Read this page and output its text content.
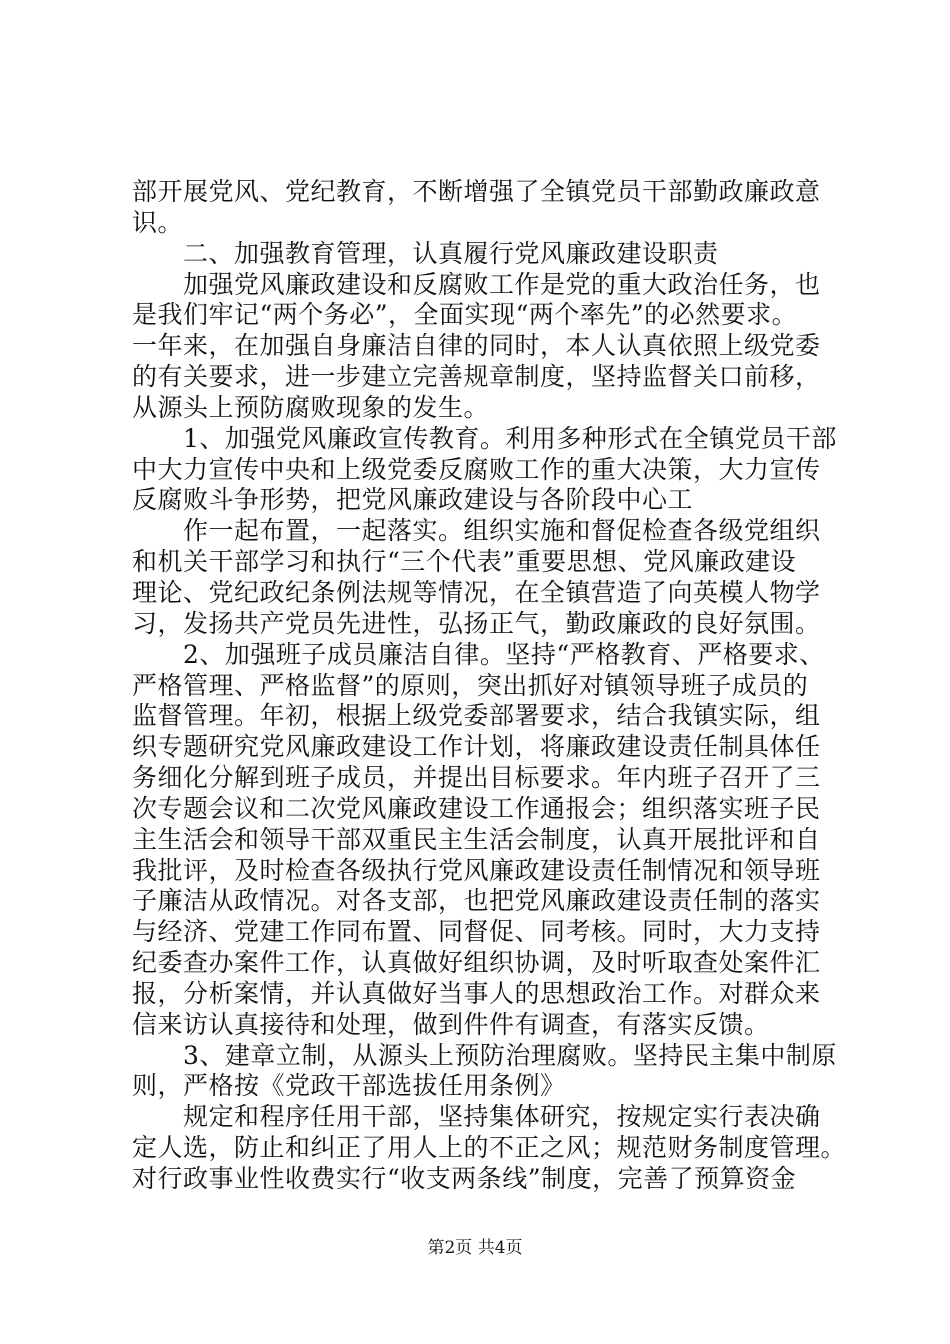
部开展党风、党纪教育，不断增强了全镇党员干部勤政廉政意
识。
　　二、加强教育管理，认真履行党风廉政建设职责
　　加强党风廉政建设和反腐败工作是党的重大政治任务，也
是我们牢记“两个务必”，全面实现“两个率先”的必然要求。
一年来，在加强自身廉洁自律的同时，本人认真依照上级党委
的有关要求，进一步建立完善规章制度，坚持监督关口前移，
从源头上预防腐败现象的发生。
　　1、加强党风廉政宣传教育。利用多种形式在全镇党员干部
中大力宣传中央和上级党委反腐败工作的重大决策，大力宣传
反腐败斗争形势，把党风廉政建设与各阶段中心工
　　作一起布置，一起落实。组织实施和督促检查各级党组织
和机关干部学习和执行“三个代表”重要思想、党风廉政建设
理论、党纪政纪条例法规等情况，在全镇营造了向英模人物学
习，发扬共产党员先进性，弘扬正气，勤政廉政的良好氛围。
　　2、加强班子成员廉洁自律。坚持“严格教育、严格要求、
严格管理、严格监督”的原则，突出抓好对镇领导班子成员的
监督管理。年初，根据上级党委部署要求，结合我镇实际，组
织专题研究党风廉政建设工作计划，将廉政建设责任制具体任
务细化分解到班子成员，并提出目标要求。年内班子召开了三
次专题会议和二次党风廉政建设工作通报会；组织落实班子民
主生活会和领导干部双重民主生活会制度，认真开展批评和自
我批评，及时检查各级执行党风廉政建设责任制情况和领导班
子廉洁从政情况。对各支部，也把党风廉政建设责任制的落实
与经济、党建工作同布置、同督促、同考核。同时，大力支持
纪委查办案件工作，认真做好组织协调，及时听取查处案件汇
报，分析案情，并认真做好当事人的思想政治工作。对群众来
信来访认真接待和处理，做到件件有调查，有落实反馈。
　　3、建章立制，从源头上预防治理腐败。坚持民主集中制原
则，严格按《党政干部选拔任用条例》
　　规定和程序任用干部，坚持集体研究，按规定实行表决确
定人选，防止和纠正了用人上的不正之风；规范财务制度管理。
对行政事业性收费实行“收支两条线”制度，完善了预算资金
第2页 共4页
